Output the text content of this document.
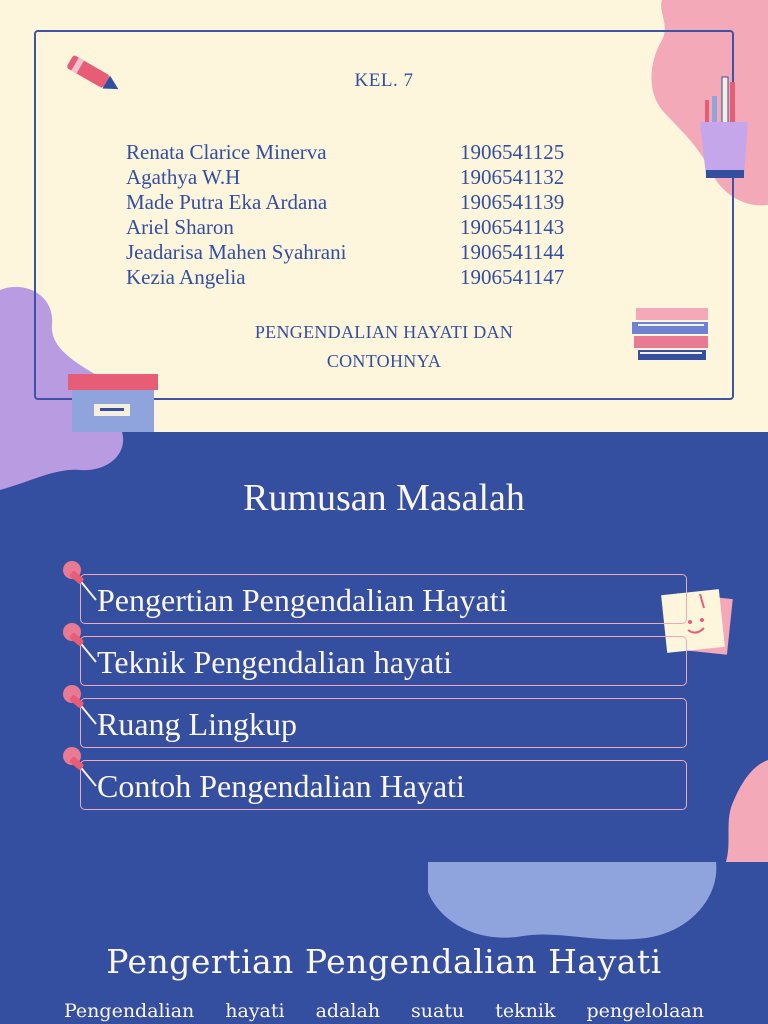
KEL. 7
Renata Clarice Minerva	1906541125
Agathya W.H	1906541132
Made Putra Eka Ardana	1906541139
Ariel Sharon	1906541143
Jeadarisa Mahen Syahrani	1906541144
Kezia Angelia	1906541147
PENGENDALIAN HAYATI DAN
CONTOHNYA
Rumusan Masalah
Pengertian Pengendalian Hayati
Teknik Pengendalian hayati
Ruang Lingkup
Contoh Pengendalian Hayati
Pengertian Pengendalian Hayati
Pengendalian hayati adalah suatu teknik pengelolaan
